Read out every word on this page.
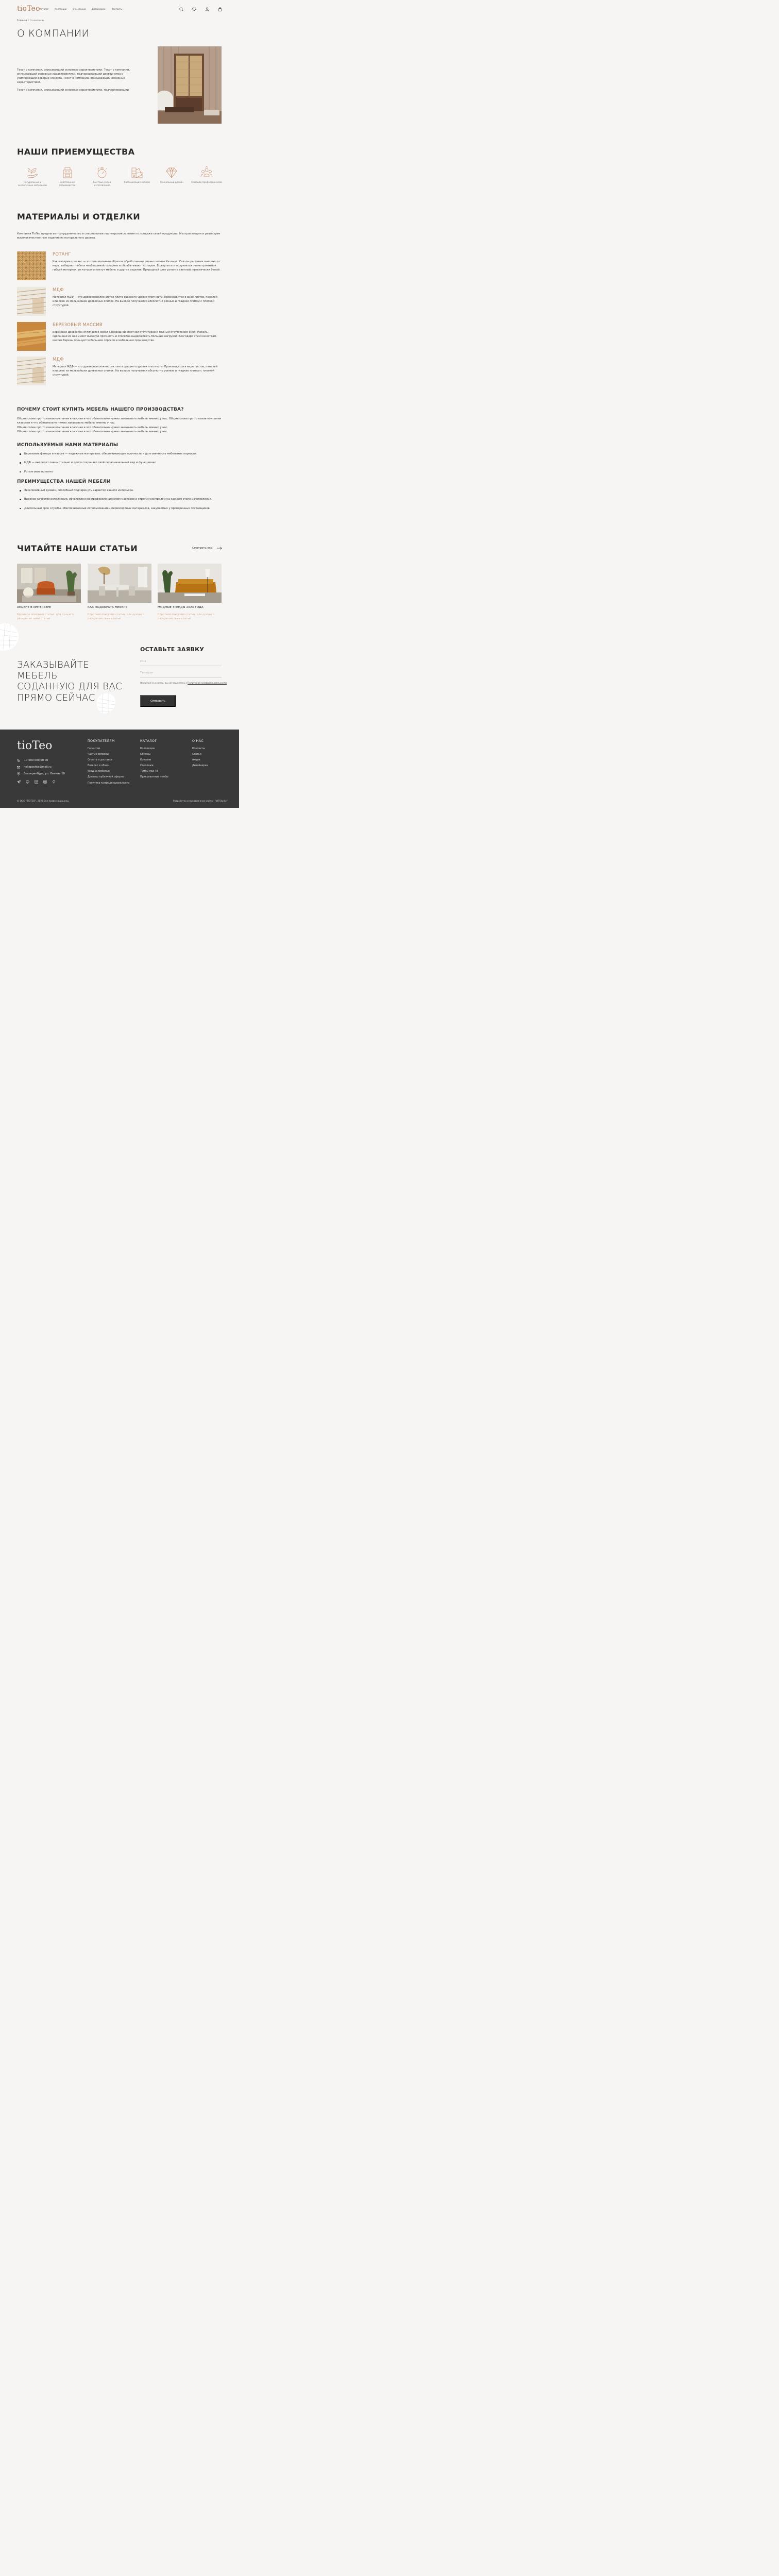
tioTeo Каталог	Коллекции	О компании	Дизайнерам	Контакты
Главная / О компании
О КОМПАНИИ

Текст о компании, описывающий основные характеристики. Текст о компании, описывающий основные характеристики, подчеркивающий достоинства и усиливающий доверие клиента. Текст о компании, описывающий основные характеристики.

Текст о компании, описывающий основные характеристики, подчеркивающий

НАШИ ПРИЕМУЩЕСТВА
Натуральные и экологичные материалы
Собственное производство
Быстрые сроки изготовления
Кастомизация мебели	Уникальный дизайн	Команда профессионалов
МАТЕРИАЛЫ И ОТДЕЛКИ

Компания TioTeo предлагает сотрудничество и специальные партнерские условия по продаже своей продукции. Мы производим и реализуем высококачественные изделия из натурального дерева.

РОТАНГ

Как материал ротанг — это специальным образом обработанные лианы пальмы Каламус. Стволы растения очищают от коры, отбирают побеги необходимой толщины и обрабатывают их паром. В результате получается очень прочный и гибкий материал, из которого плетут мебель и другие изделия. Природный цвет ротанга светлый, практически белый.

МДФ

Материал МДФ — это древесноволокнистая плита среднего уровня плотности. Производится в виде листов, панелей или реек из мельчайших древесных опилок. На выходе получаются абсолютно ровные и гладкие плитки с плотной структурой.

БЕРЕЗОВЫЙ МАССИВ

Березовая древесина отличается своей однородной, плотной структурой и полным отсутствием смол. Мебель , сделанная из нее имеет высокую прочность и способна выдерживать большие нагрузки. Благодаря этим качествам, массив березы пользуется большим спросом в мебельном производстве.

МДФ

Материал МДФ — это древесноволокнистая плита среднего уровня плотности. Производится в виде листов, панелей или реек из мельчайших древесных опилок. На выходе получаются абсолютно ровные и гладкие плитки с плотной структурой.

ПОЧЕМУ СТОИТ КУПИТЬ МЕБЕЛЬ НАШЕГО ПРОИЗВОДСТВА?

Общие слова про то какая компания классная и что обязательно нужно заказывать мебель именно у нас. Общие слова про то какая компания классная и что обязательно нужно заказывать мебель именно у нас.

Общие слова про то какая компания классная и что обязательно нужно заказывать мебель именно у нас.

Общие слова про то какая компания классная и что обязательно нужно заказывать мебель именно у нас.

ИСПОЛЬЗУЕМЫЕ НАМИ МАТЕРИАЛЫ
Березовые фанера и масcив — надежные материалы, обеспечивающие прочность и долговечность мебельных каркасов.
МДФ — выглядит очень стильно и долго сохраняет свой первоначальный вид и функционал
Ротанговое полотно
ПРЕИМУЩЕСТВА НАШЕЙ МЕБЕЛИ
Эксклюзивный дизайн, способный подчеркнуть характер вашего интерьера.
Высокое качество исполнения, обусловленное профессионализмом мастеров и строгим контролем на каждом этапе изготовления.
Длительный срок службы, обеспечиваемый использованием первосортных материалов, закупаемых у проверенных поставщиков.
ЧИТАЙТЕ НАШИ СТАТЬИ	Смотреть все
АКЦЕНТ В ИНТЕРЬЕРЕ

Короткое описание статьи, для лучшего раскрытия темы статьи

КАК ПОДОБРАТЬ МЕБЕЛЬ

Короткое описание статьи, для лучшего раскрытия темы статьи

МОДНЫЕ ТРЕНДЫ 2023 ГОДА

Короткое описание статьи, для лучшего раскрытия темы статьи

ЗАКАЗЫВАЙТЕ МЕБЕЛЬ
СОДАННУЮ ДЛЯ ВАС
ПРЯМО СЕЙЧАС
ОСТАВЬТЕ ЗАЯВКУ
Имя
Телефон
Нажимая на кнопку, вы соглашаетесь с Политикой конфиденциальности
Отправить
tioTeo
+7 000 000 00 00
hellopochta@mail.ru
Екатеринбург, ул. Ленина 18
ПОКУПАТЕЛЯМ
Гарантии
Частые вопросы
Оплата и доставка
Возврат и обмен
Уход за мебелью
Договор публичной оферты
Политика конфиденциальности
КАТАЛОГ
Коллекции
Комоды
Консоли
Стеллажи
Тумбы под ТВ
Прикроватные тумбы
О НАС
Контакты
Статьи
Акции
Дизайнерам
© ООО "TIOTEO", 2023 Все права защищены	Разработка и продвижение сайта - "WTStudio"
